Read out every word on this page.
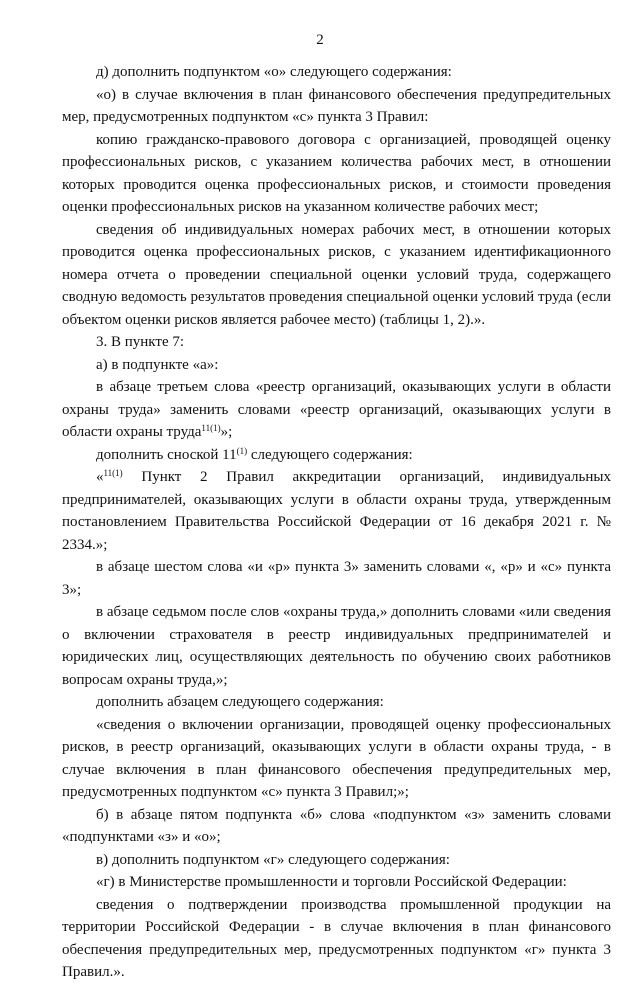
2

д) дополнить подпунктом «о» следующего содержания:

«о) в случае включения в план финансового обеспечения предупредительных мер, предусмотренных подпунктом «с» пункта 3 Правил:

копию гражданско-правового договора с организацией, проводящей оценку профессиональных рисков, с указанием количества рабочих мест, в отношении которых проводится оценка профессиональных рисков, и стоимости проведения оценки профессиональных рисков на указанном количестве рабочих мест;

сведения об индивидуальных номерах рабочих мест, в отношении которых проводится оценка профессиональных рисков, с указанием идентификационного номера отчета о проведении специальной оценки условий труда, содержащего сводную ведомость результатов проведения специальной оценки условий труда (если объектом оценки рисков является рабочее место) (таблицы 1, 2).».

3. В пункте 7:

а) в подпункте «а»:

в абзаце третьем слова «реестр организаций, оказывающих услуги в области охраны труда» заменить словами «реестр организаций, оказывающих услуги в области охраны труда$^{11(1)}$»;

дополнить сноской 11$^{(1)}$ следующего содержания:

«$^{11(1)}$ Пункт 2 Правил аккредитации организаций, индивидуальных предпринимателей, оказывающих услуги в области охраны труда, утвержденным постановлением Правительства Российской Федерации от 16 декабря 2021 г. № 2334.»;

в абзаце шестом слова «и «р» пункта 3» заменить словами «, «р» и «с» пункта 3»;

в абзаце седьмом после слов «охраны труда,» дополнить словами «или сведения о включении страхователя в реестр индивидуальных предпринимателей и юридических лиц, осуществляющих деятельность по обучению своих работников вопросам охраны труда,»;

дополнить абзацем следующего содержания:

«сведения о включении организации, проводящей оценку профессиональных рисков, в реестр организаций, оказывающих услуги в области охраны труда, - в случае включения в план финансового обеспечения предупредительных мер, предусмотренных подпунктом «с» пункта 3 Правил;»;

б) в абзаце пятом подпункта «б» слова «подпунктом «з» заменить словами «подпунктами «з» и «о»;

в) дополнить подпунктом «г» следующего содержания:

«г) в Министерстве промышленности и торговли Российской Федерации:

сведения о подтверждении производства промышленной продукции на территории Российской Федерации - в случае включения в план финансового обеспечения предупредительных мер, предусмотренных подпунктом «г» пункта 3 Правил.».
